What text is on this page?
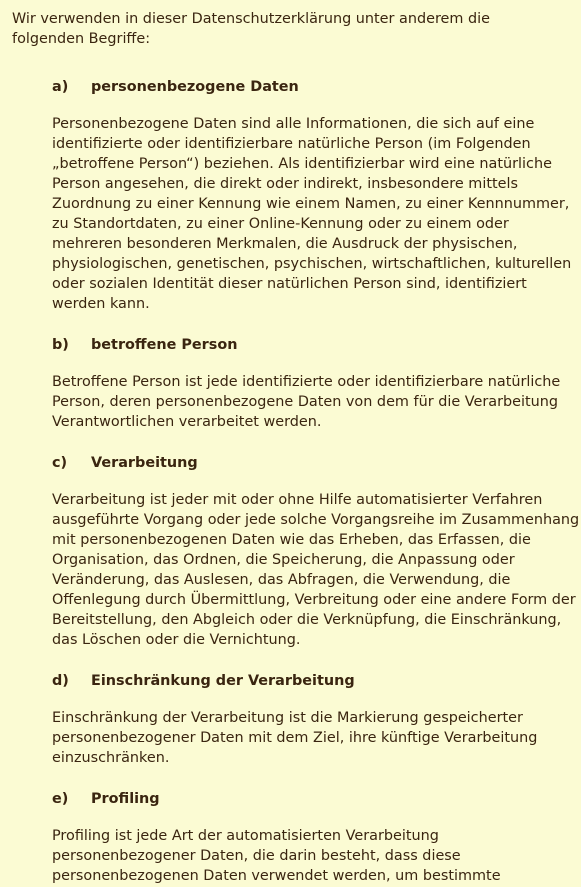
Wir verwenden in dieser Datenschutzerklärung unter anderem die folgenden Begriffe:

a) personenbezogene Daten

Personenbezogene Daten sind alle Informationen, die sich auf eine identifizierte oder identifizierbare natürliche Person (im Folgenden „betroffene Person“) beziehen. Als identifizierbar wird eine natürliche Person angesehen, die direkt oder indirekt, insbesondere mittels Zuordnung zu einer Kennung wie einem Namen, zu einer Kennnummer, zu Standortdaten, zu einer Online-Kennung oder zu einem oder mehreren besonderen Merkmalen, die Ausdruck der physischen, physiologischen, genetischen, psychischen, wirtschaftlichen, kulturellen oder sozialen Identität dieser natürlichen Person sind, identifiziert werden kann.

b) betroffene Person

Betroffene Person ist jede identifizierte oder identifizierbare natürliche Person, deren personenbezogene Daten von dem für die Verarbeitung Verantwortlichen verarbeitet werden.

c) Verarbeitung

Verarbeitung ist jeder mit oder ohne Hilfe automatisierter Verfahren ausgeführte Vorgang oder jede solche Vorgangsreihe im Zusammenhang mit personenbezogenen Daten wie das Erheben, das Erfassen, die Organisation, das Ordnen, die Speicherung, die Anpassung oder Veränderung, das Auslesen, das Abfragen, die Verwendung, die Offenlegung durch Übermittlung, Verbreitung oder eine andere Form der Bereitstellung, den Abgleich oder die Verknüpfung, die Einschränkung, das Löschen oder die Vernichtung.

d) Einschränkung der Verarbeitung

Einschränkung der Verarbeitung ist die Markierung gespeicherter personenbezogener Daten mit dem Ziel, ihre künftige Verarbeitung einzuschränken.

e) Profiling

Profiling ist jede Art der automatisierten Verarbeitung personenbezogener Daten, die darin besteht, dass diese personenbezogenen Daten verwendet werden, um bestimmte
